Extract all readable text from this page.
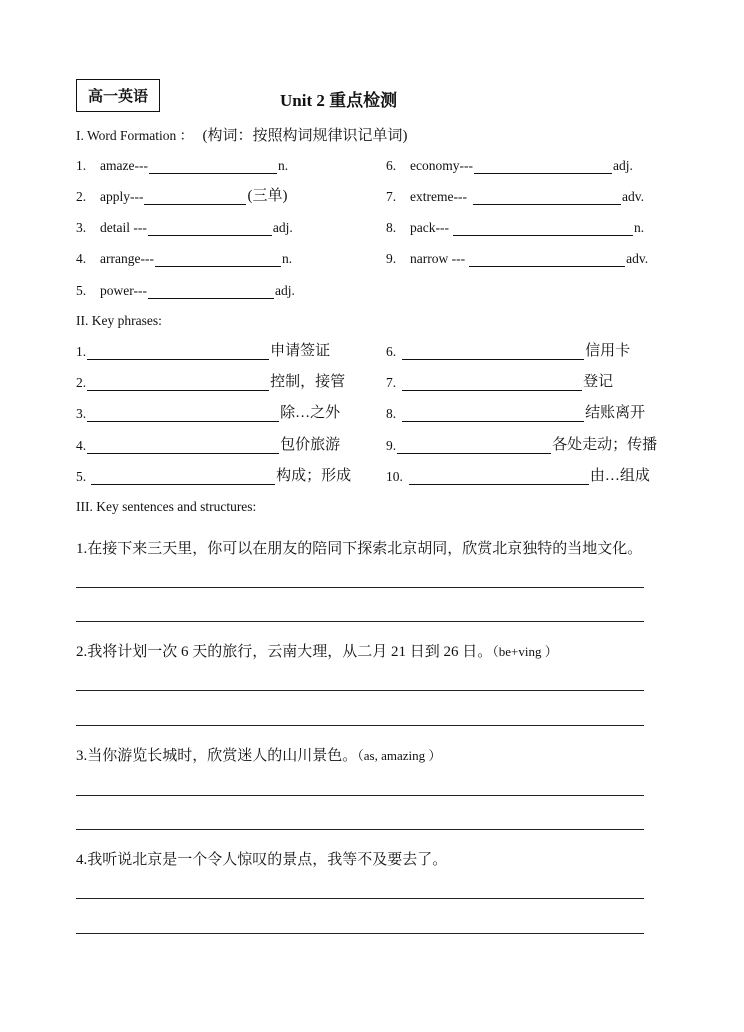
高一英语	Unit 2 重点检测
I. Word Formation ： (构词：按照构词规律识记单词)
1.	amaze---	n.
2.	apply---	(三单)
3.	detail ---	adj.
4.	arrange---	n.
5.	power---	adj.
6.	economy---	adj.
7.	extreme---	adv.
8.	pack---	n.
9.	narrow ---	adv.
II. Key phrases:
1.	申请签证
2.	控制，接管
3.	除…之外
4.	包价旅游
5.	构成；形成
6.	信用卡
7.	登记
8.	结账离开
9.	各处走动；传播
10.	由…组成
III. Key sentences and structures:
1.在接下来三天里，你可以在朋友的陪同下探索北京胡同，欣赏北京独特的当地文化。
2.我将计划一次 6 天的旅行，云南大理，从二月 21 日到 26 日。（be+ving ）
3.当你游览长城时，欣赏迷人的山川景色。（as, amazing ）
4.我听说北京是一个令人惊叹的景点，我等不及要去了。
